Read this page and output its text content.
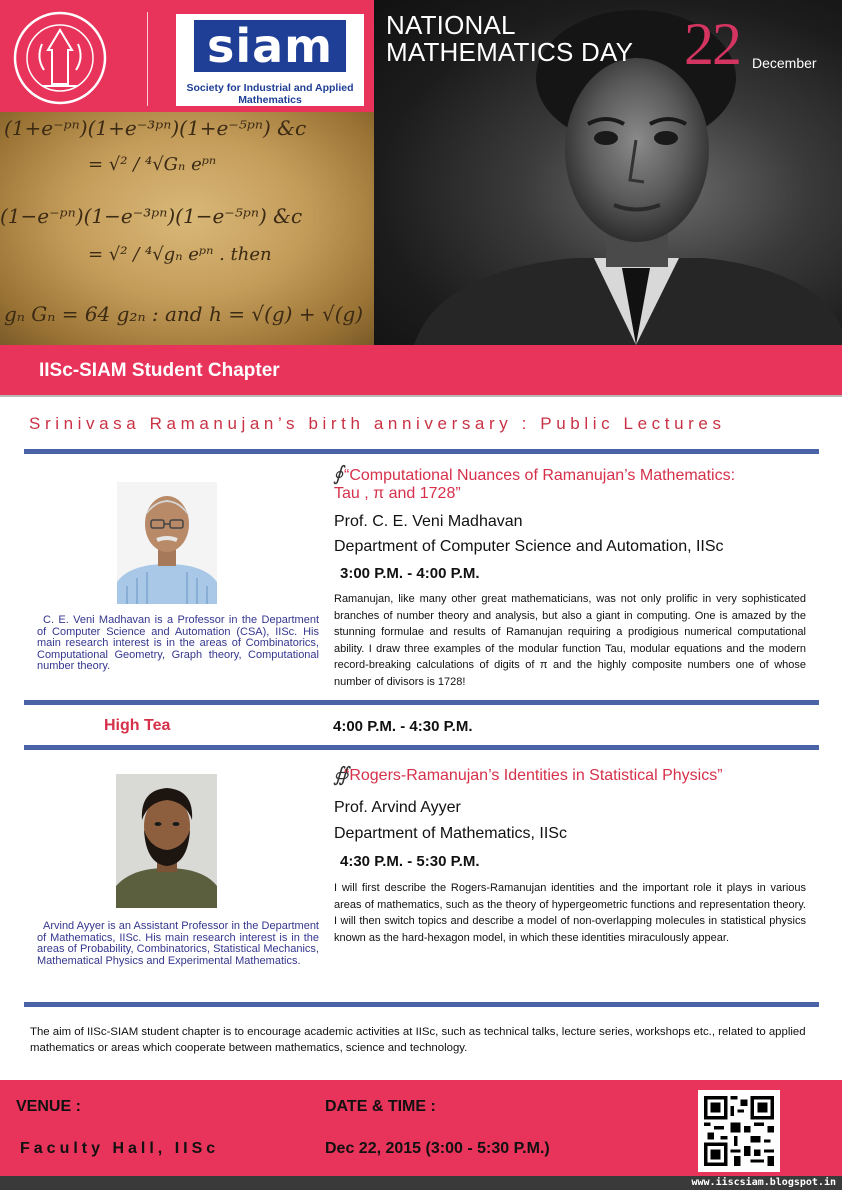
(1+e⁻ᵖⁿ)(1+e⁻³ᵖⁿ)(1+e⁻⁵ᵖⁿ) &c
= √² / ⁴√Gₙ eᵖⁿ
(1−e⁻ᵖⁿ)(1−e⁻³ᵖⁿ)(1−e⁻⁵ᵖⁿ) &c
= √² / ⁴√gₙ eᵖⁿ . then
gₙ Gₙ = 64 g₂ₙ : and h = √(g) + √(g)
siam
Society for Industrial and Applied Mathematics
NATIONAL
MATHEMATICS DAY 22 December
IISc-SIAM Student Chapter
Srinivasa Ramanujan’s birth anniversary : Public Lectures
C. E. Veni Madhavan is a Professor in the Department of Computer Science and Automation (CSA), IISc. His main research interest is in the areas of Combinatorics, Computational Geometry, Graph theory, Computational number theory.
∮ “Computational Nuances of Ramanujan’s Mathematics:
Tau , π and 1728”
Prof. C. E. Veni Madhavan
Department of Computer Science and Automation, IISc
3:00 P.M. - 4:00 P.M.
Ramanujan, like many other great mathematicians, was not only prolific in very sophisticated branches of number theory and analysis, but also a giant in computing. One is amazed by the stunning formulae and results of Ramanujan requiring a prodigious numerical computational ability. I draw three examples of the modular function Tau, modular equations and the modern record-breaking calculations of digits of π and the highly composite numbers one of whose number of divisors is 1728!
High Tea	4:00 P.M. - 4:30 P.M.
Arvind Ayyer is an Assistant Professor in the Department of Mathematics, IISc. His main research interest is in the areas of Probability, Combinatorics, Statistical Mechanics, Mathematical Physics and Experimental Mathematics.
∯
“Rogers-Ramanujan’s Identities in Statistical Physics”
Prof. Arvind Ayyer
Department of Mathematics, IISc
4:30 P.M. - 5:30 P.M.
I will first describe the Rogers-Ramanujan identities and the important role it plays in various areas of mathematics, such as the theory of hypergeometric functions and representation theory. I will then switch topics and describe a model of non-overlapping molecules in statistical physics known as the hard-hexagon model, in which these identities miraculously appear.
The aim of IISc-SIAM student chapter is to encourage academic activities at IISc, such as technical talks, lecture series, workshops etc., related to applied mathematics or areas which cooperate between mathematics, science and technology.
VENUE :
Faculty Hall, IISc
DATE & TIME :
Dec 22, 2015 (3:00 - 5:30 P.M.)
www.iiscsiam.blogspot.in
